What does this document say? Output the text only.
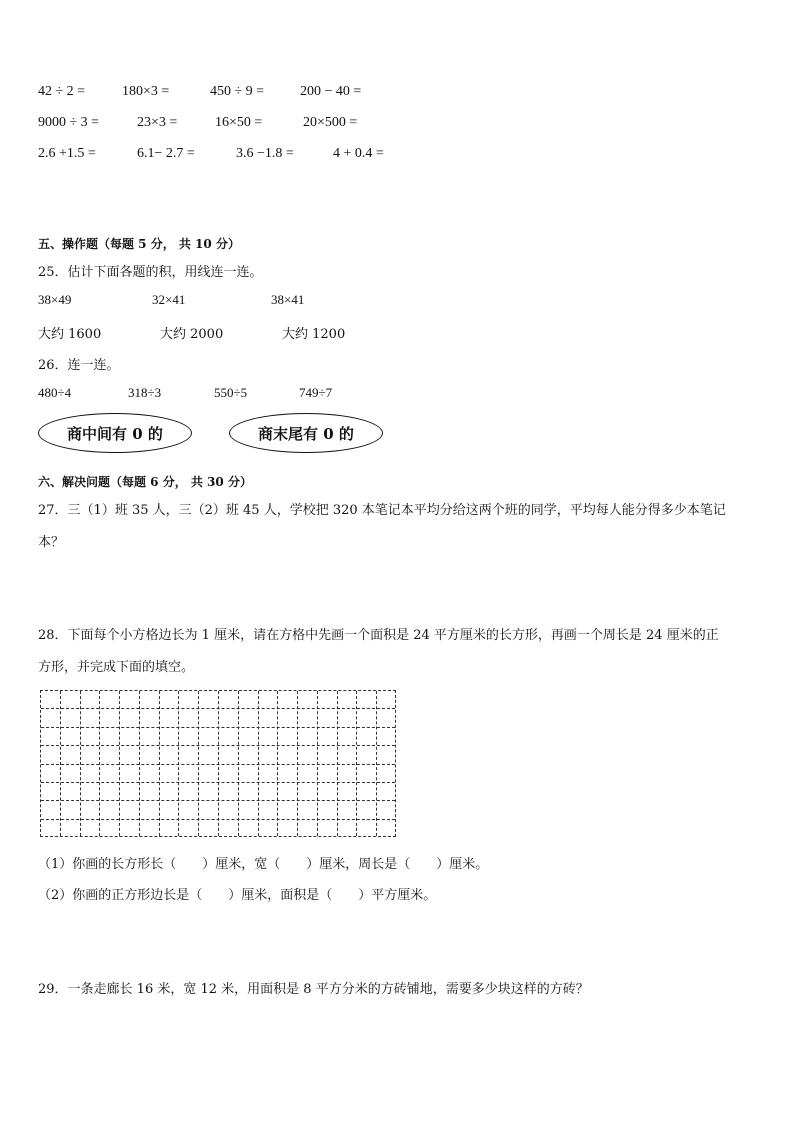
42 ÷ 2 =	180×3 =	450 ÷ 9 =	200 − 40 =
9000 ÷ 3 =	23×3 =	16×50 =	20×500 =
2.6 +1.5 =	6.1− 2.7 =	3.6 −1.8 =	4 + 0.4 =
五、操作题（每题 5 分， 共 10 分）
25．估计下面各题的积，用线连一连。
38×49	32×41	38×41
大约 1600	大约 2000	大约 1200
26．连一连。
480÷4	318÷3	550÷5	749÷7
商中间有 0 的	商末尾有 0 的
六、解决问题（每题 6 分， 共 30 分）
27．三（1）班 35 人，三（2）班 45 人，学校把 320 本笔记本平均分给这两个班的同学，平均每人能分得多少本笔记
本？
28．下面每个小方格边长为 1 厘米，请在方格中先画一个面积是 24 平方厘米的长方形，再画一个周长是 24 厘米的正
方形，并完成下面的填空。
（1）你画的长方形长（　　）厘米，宽（　　）厘米，周长是（　　）厘米。
（2）你画的正方形边长是（　　）厘米，面积是（　　）平方厘米。
29．一条走廊长 16 米，宽 12 米，用面积是 8 平方分米的方砖铺地，需要多少块这样的方砖？
